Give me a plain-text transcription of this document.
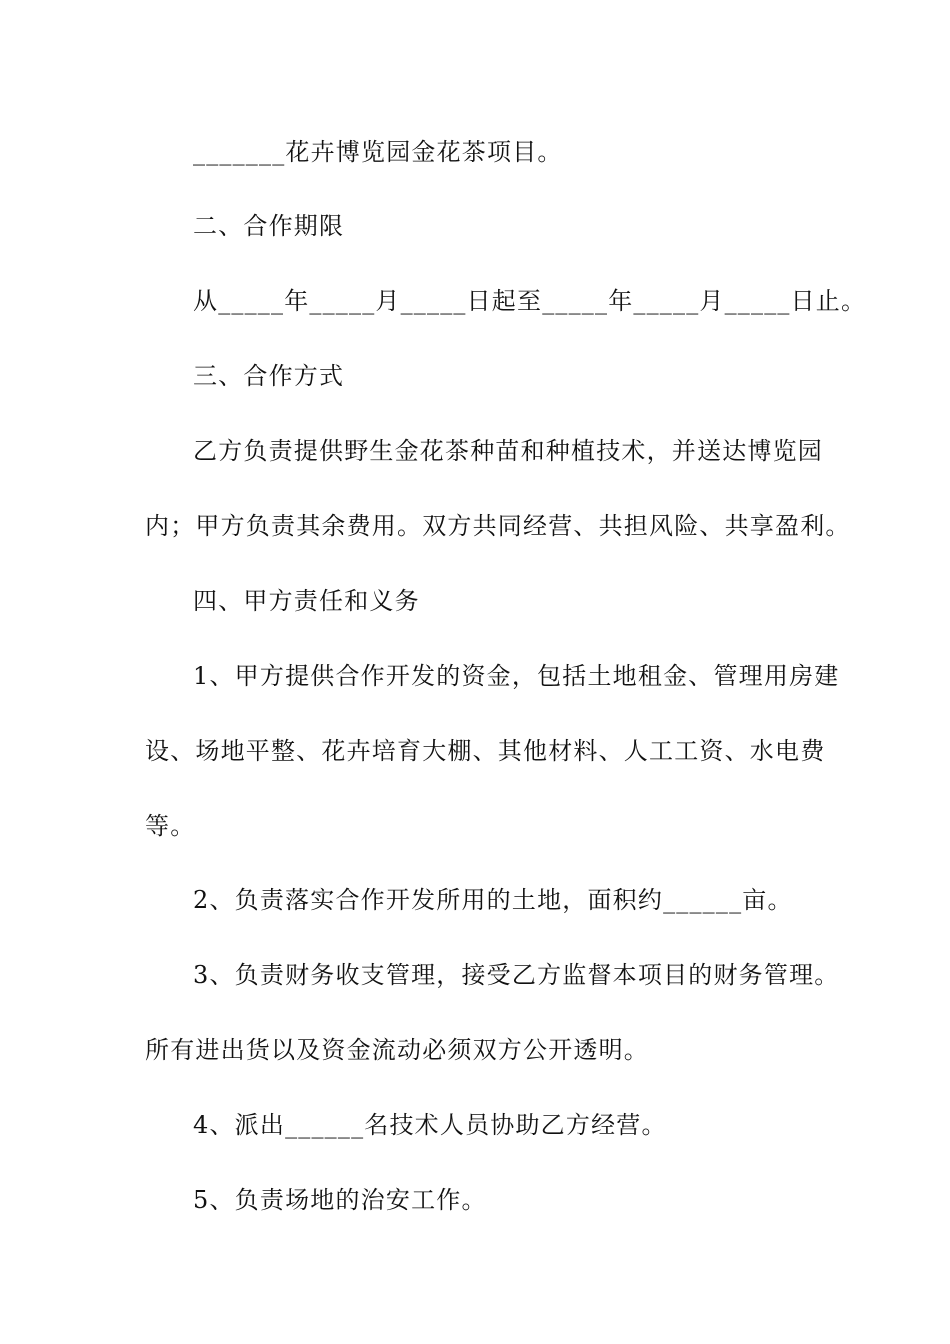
_______花卉博览园金花茶项目。
二、合作期限
从_____年_____月_____日起至_____年_____月_____日止。
三、合作方式
乙方负责提供野生金花茶种苗和种植技术，并送达博览园
内；甲方负责其余费用。双方共同经营、共担风险、共享盈利。
四、甲方责任和义务
1、甲方提供合作开发的资金，包括土地租金、管理用房建
设、场地平整、花卉培育大棚、其他材料、人工工资、水电费
等。
2、负责落实合作开发所用的土地，面积约______亩。
3、负责财务收支管理，接受乙方监督本项目的财务管理。
所有进出货以及资金流动必须双方公开透明。
4、派出______名技术人员协助乙方经营。
5、负责场地的治安工作。
